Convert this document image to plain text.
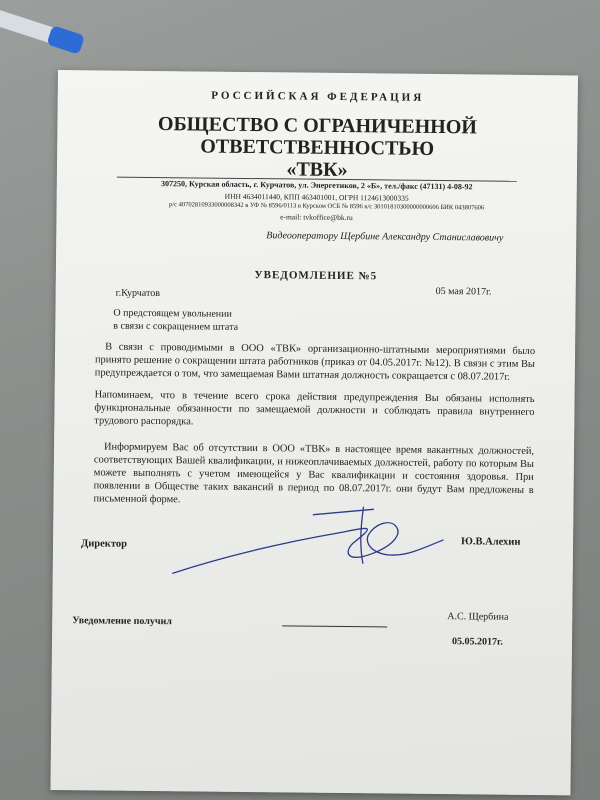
РОССИЙСКАЯ ФЕДЕРАЦИЯ
ОБЩЕСТВО С ОГРАНИЧЕННОЙ
ОТВЕТСТВЕННОСТЬЮ
«ТВК»
307250, Курская область, г. Курчатов, ул. Энергетиков, 2 «Б», тел./факс (47131) 4-08-92
ИНН 4634011440, КПП 463401001, ОГРН 1124613000335
р/с 40702810933000008342 в УФ № 8596/0113 в Курском ОСБ № 8596 к/с 30101810300000000606 БИК 043807606
e-mail: tvkoffice@bk.ru
Видеооператору Щербине Александру Станиславовичу
УВЕДОМЛЕНИЕ №5
г.Курчатов	05 мая 2017г.
О предстоящем увольнении
в связи с сокращением штата
В связи с проводимыми в ООО «ТВК» организационно-штатными мероприятиями было принято решение о сокращении штата работников (приказ от 04.05.2017г. №12). В связи с этим Вы предупреждается о том, что замещаемая Вами штатная должность сокращается с 08.07.2017г.
Напоминаем, что в течение всего срока действия предупреждения Вы обязаны исполнять функциональные обязанности по замещаемой должности и соблюдать правила внутреннего трудового распорядка.
Информируем Вас об отсутствии в ООО «ТВК» в настоящее время вакантных должностей, соответствующих Вашей квалификации, и нижеоплачиваемых должностей, работу по которым Вы можете выполнять с учетом имеющейся у Вас квалификации и состояния здоровья. При появлении в Обществе таких вакансий в период по 08.07.2017г. они будут Вам предложены в письменной форме.
Директор	Ю.В.Алехин
Уведомление получил	А.С. Щербина
05.05.2017г.
